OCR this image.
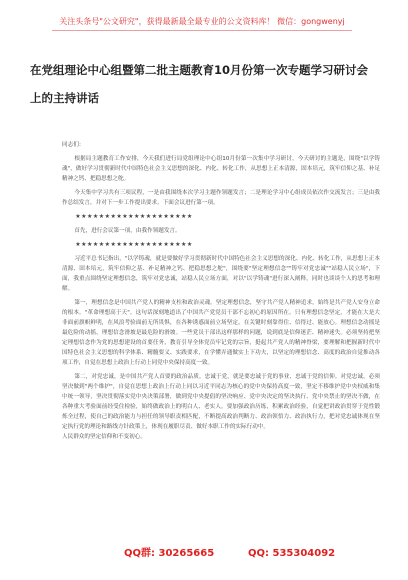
关注头条号"公文研究"，获得最新最全最专业的公文资料库！ 微信：gongwenyj
在党组理论中心组暨第二批主题教育10月份第一次专题学习研讨会上的主持讲话

同志们：

根据局主题教育工作安排，今天我们进行局党组理论中心组10月份第一次集中学习研讨，今天研讨的主题是，围绕"以学铸魂"，做好学习贯彻新时代中国特色社会主义思想的深化、内化、转化工作，从思想上正本清源，固本培元，筑牢信仰之基、补足精神之钙、把稳思想之舵。

今天集中学习共有三项议程，一是由我围绕本次学习主题作领题发言；二是理论学习中心组成员依次作交流发言；三是由我作总结发言，并对下一步工作提出要求。下面会议进行第一项。

★★★★★★★★★★★★★★★★★★★★

首先，进行会议第一项，由我作领题发言。

★★★★★★★★★★★★★★★★★★★★

习近平总书记指出，"以学铸魂，就是要做好学习贯彻新时代中国特色社会主义思想的深化、内化、转化工作，从思想上正本清源、固本培元，筑牢信仰之基、补足精神之钙、把稳思想之舵"，围绕要"坚定理想信念""铸牢对党忠诚""站稳人民立场"，下面，我重点围绕坚定理想信念，筑牢对党忠诚，站稳人民立场方面，对以"以学铸魂"进行深入阐释，同时也谈谈个人的思考和理解。

第一，理想信念是中国共产党人的精神支柱和政治灵魂。坚定理想信念，坚守共产党人精神追求，始终是共产党人安身立命的根本。"革命理想高于天"。这句话深刻地道出了中国共产党党员干部不忘初心的原因所在。只有理想信念坚定，才能在大是大非面前旗帜鲜明，在风浪考验面前无所畏惧，在各种诱惑面前立场坚定，在关键时刻靠得住、信得过、能放心。理想信念动摇是最危险的动摇，理想信念滑坡是最危险的滑坡。一些党员干部出这样那样的问题，说到底是信仰迷茫、精神迷失。必须坚持把坚定理想信念作为党的思想建设的首要任务，教育引导全体党员牢记党的宗旨，挺起共产党人的精神脊梁，要理解和把握新时代中国特色社会主义思想的科学体系、精髓要义、实践要求，在学懂弄通做实上下功夫，以坚定的理想信念、高度的政治自觉推动各项工作，自觉在思想上政治上行动上同党中央保持高度一致。

第二，对党忠诚，是中国共产党人首要的政治品质。忠诚于党，就是要忠诚于党的事业、忠诚于党的信仰。对党忠诚，必须坚决做到"两个维护"，自觉在思想上政治上行动上同以习近平同志为核心的党中央保持高度一致，坚定不移维护党中央权威和集中统一领导，坚决贯彻落实党中央决策部署，做到党中央提倡的坚决响应、党中央决定的坚决执行、党中央禁止的坚决不做，在各种重大考验面前经受住检验，始终做政治上的明白人、老实人。要加强政治历练，积累政治经验，自觉把讲政治贯穿于党性锻炼全过程，使自己的政治能力与担任的领导职责相匹配，不断提高政治判断力、政治领悟力、政治执行力，把对党忠诚体现在坚定执行党的理论和路线方针政策上，体现在履职尽责、做好本职工作的实际行动中。

人民群众的坚定信仰和不变初心。

QQ群: 30265665	QQ: 535304092
